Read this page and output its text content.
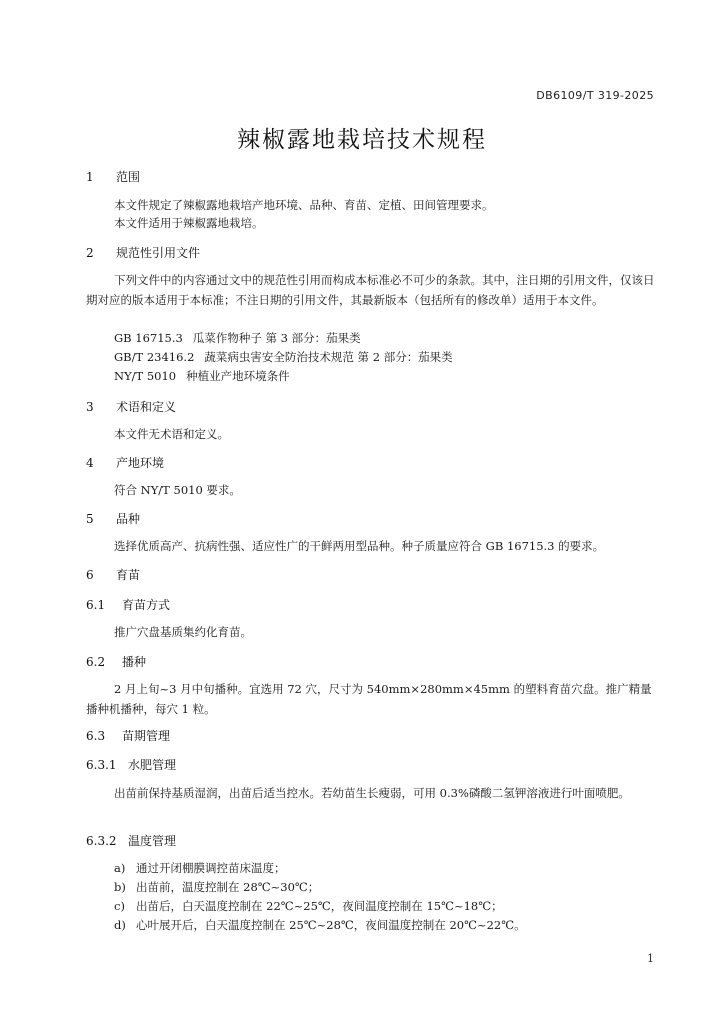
DB6109/T 319-2025
辣椒露地栽培技术规程
1 范围
本文件规定了辣椒露地栽培产地环境、品种、育苗、定植、田间管理要求。
本文件适用于辣椒露地栽培。
2 规范性引用文件
下列文件中的内容通过文中的规范性引用而构成本标准必不可少的条款。其中，注日期的引用文件，仅该日期对应的版本适用于本标准；不注日期的引用文件，其最新版本（包括所有的修改单）适用于本文件。
GB 16715.3 瓜菜作物种子 第 3 部分：茄果类
GB/T 23416.2 蔬菜病虫害安全防治技术规范 第 2 部分：茄果类
NY/T 5010 种植业产地环境条件
3 术语和定义
本文件无术语和定义。
4 产地环境
符合 NY/T 5010 要求。
5 品种
选择优质高产、抗病性强、适应性广的干鲜两用型品种。种子质量应符合 GB 16715.3 的要求。
6 育苗
6.1 育苗方式
推广穴盘基质集约化育苗。
6.2 播种
2 月上旬~3 月中旬播种。宜选用 72 穴，尺寸为 540mm×280mm×45mm 的塑料育苗穴盘。推广精量播种机播种，每穴 1 粒。
6.3 苗期管理
6.3.1 水肥管理
出苗前保持基质湿润，出苗后适当控水。若幼苗生长瘦弱，可用 0.3%磷酸二氢钾溶液进行叶面喷肥。
6.3.2 温度管理
a) 通过开闭棚膜调控苗床温度；
b) 出苗前，温度控制在 28℃~30℃；
c) 出苗后，白天温度控制在 22℃~25℃，夜间温度控制在 15℃~18℃；
d) 心叶展开后，白天温度控制在 25℃~28℃，夜间温度控制在 20℃~22℃。
1
